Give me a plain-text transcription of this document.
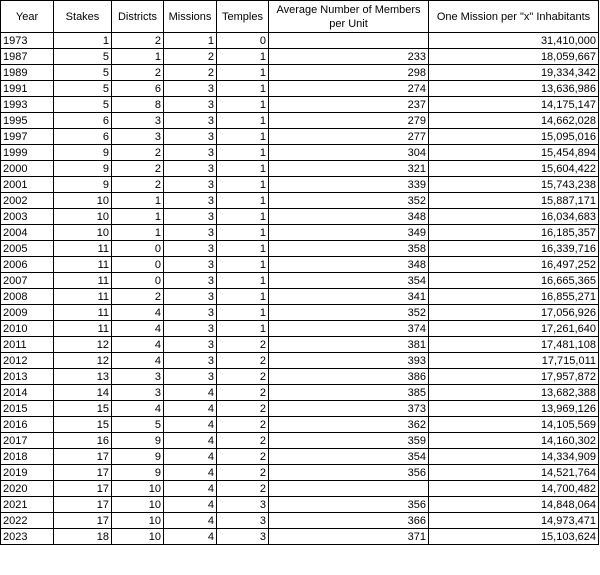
Year	Stakes	Districts	Missions	Temples	Average Number of Members per Unit	One Mission per "x" Inhabitants
1973	1	2	1	0		31,410,000
1987	5	1	2	1	233	18,059,667
1989	5	2	2	1	298	19,334,342
1991	5	6	3	1	274	13,636,986
1993	5	8	3	1	237	14,175,147
1995	6	3	3	1	279	14,662,028
1997	6	3	3	1	277	15,095,016
1999	9	2	3	1	304	15,454,894
2000	9	2	3	1	321	15,604,422
2001	9	2	3	1	339	15,743,238
2002	10	1	3	1	352	15,887,171
2003	10	1	3	1	348	16,034,683
2004	10	1	3	1	349	16,185,357
2005	11	0	3	1	358	16,339,716
2006	11	0	3	1	348	16,497,252
2007	11	0	3	1	354	16,665,365
2008	11	2	3	1	341	16,855,271
2009	11	4	3	1	352	17,056,926
2010	11	4	3	1	374	17,261,640
2011	12	4	3	2	381	17,481,108
2012	12	4	3	2	393	17,715,011
2013	13	3	3	2	386	17,957,872
2014	14	3	4	2	385	13,682,388
2015	15	4	4	2	373	13,969,126
2016	15	5	4	2	362	14,105,569
2017	16	9	4	2	359	14,160,302
2018	17	9	4	2	354	14,334,909
2019	17	9	4	2	356	14,521,764
2020	17	10	4	2		14,700,482
2021	17	10	4	3	356	14,848,064
2022	17	10	4	3	366	14,973,471
2023	18	10	4	3	371	15,103,624
